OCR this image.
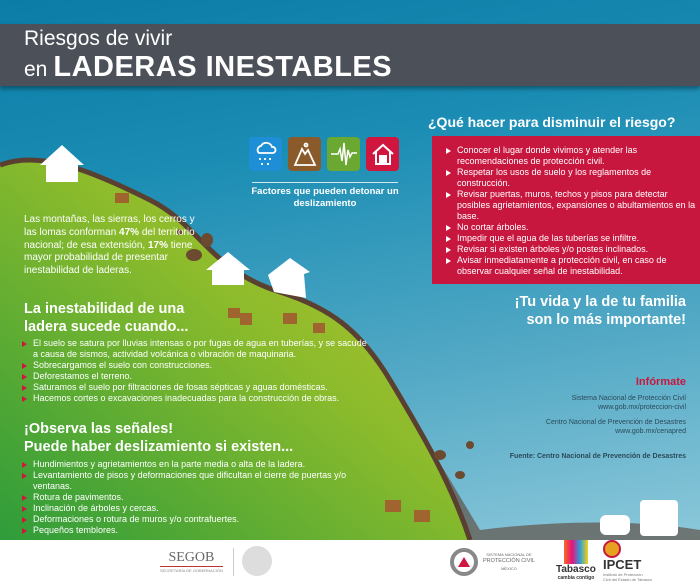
Riesgos de vivir
en LADERAS INESTABLES
Las montañas, las sierras, los cerros y las lomas conforman 47% del territorio nacional; de esa extensión, 17% tiene mayor probabilidad de presentar inestabilidad de laderas.
La inestabilidad de una ladera sucede cuando...
El suelo se satura por lluvias intensas o por fugas de agua en tuberías, y se sacude a causa de sismos, actividad volcánica o vibración de maquinaria.
Sobrecargamos el suelo con construcciones.
Deforestamos el terreno.
Saturamos el suelo por filtraciones de fosas sépticas y aguas domésticas.
Hacemos cortes o excavaciones inadecuadas para la construcción de obras.
¡Observa las señales!
Puede haber deslizamiento si existen...
Hundimientos y agrietamientos en la parte media o alta de la ladera.
Levantamiento de pisos y deformaciones que dificultan el cierre de puertas y/o ventanas.
Rotura de pavimentos.
Inclinación de árboles y cercas.
Deformaciones o rotura de muros y/o contrafuertes.
Pequeños temblores.
Factores que pueden detonar un deslizamiento
¿Qué hacer para disminuir el riesgo?
Conocer el lugar donde vivimos y atender las recomendaciones de protección civil.
Respetar los usos de suelo y los reglamentos de construcción.
Revisar puertas, muros, techos y pisos para detectar posibles agrietamientos, expansiones o abultamientos en la base.
No cortar árboles.
Impedir que el agua de las tuberías se infiltre.
Revisar si existen árboles y/o postes inclinados.
Avisar inmediatamente a protección civil, en caso de observar cualquier señal de inestabilidad.
¡Tu vida y la de tu familia
son lo más importante!
Infórmate
Sistema Nacional de Protección Civil
www.gob.mx/proteccion-civil
Centro Nacional de Prevención de Desastres
www.gob.mx/cenapred
Fuente: Centro Nacional de Prevención de Desastres
SEGOB
SECRETARÍA DE GOBERNACIÓN
SISTEMA NACIONAL DE
PROTECCIÓN CIVIL
MÉXICO	Tabasco
cambia contigo
IPCET
Instituto de Protección
Civil del Estado de Tabasco
